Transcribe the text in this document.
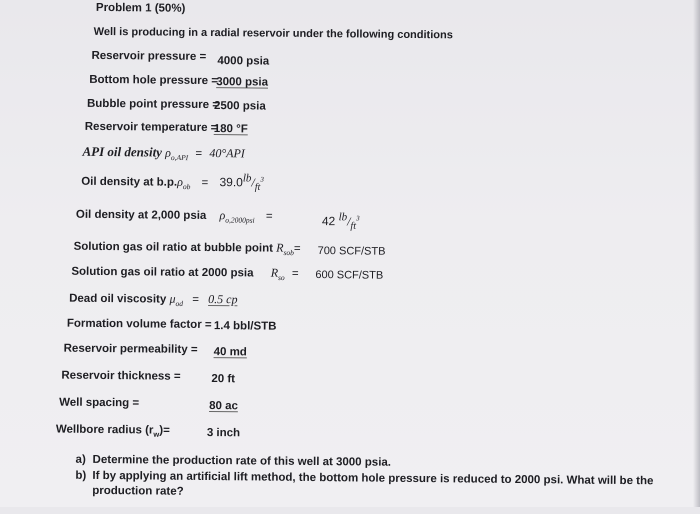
Problem 1 (50%)
Well is producing in a radial reservoir under the following conditions
Reservoir pressure = 4000 psia
Bottom hole pressure =
3000 psia
Bubble point pressure =
2500 psia
Reservoir temperature =
180 °F
API oil density $\rho_{o,API} = 40^\circ API$
Oil density at $b.p.\rho_{ob} = 39.0^{lb}/_{ft}^3$
Oil density at 2,000 psia $\rho_{o,2000psi}$ =	42 $^{lb}/_{ft}^3$
Solution gas oil ratio at bubble point $R_{sob}= 700$ SCF/STB
Solution gas oil ratio at 2000 psia $R_{so} = 600$ SCF/STB
Dead oil viscosity $\mu_{od} = 0.5$ cp
Formation volume factor = 1.4 bbl/STB
Reservoir permeability = 40 md
Reservoir thickness =	20 ft
Well spacing =	80 ac
Wellbore radius $(r_w)=$	3 inch
a) Determine the production rate of this well at 3000 psia.
b) If by applying an artificial lift method, the bottom hole pressure is reduced to 2000 psi. What will be the production rate?
